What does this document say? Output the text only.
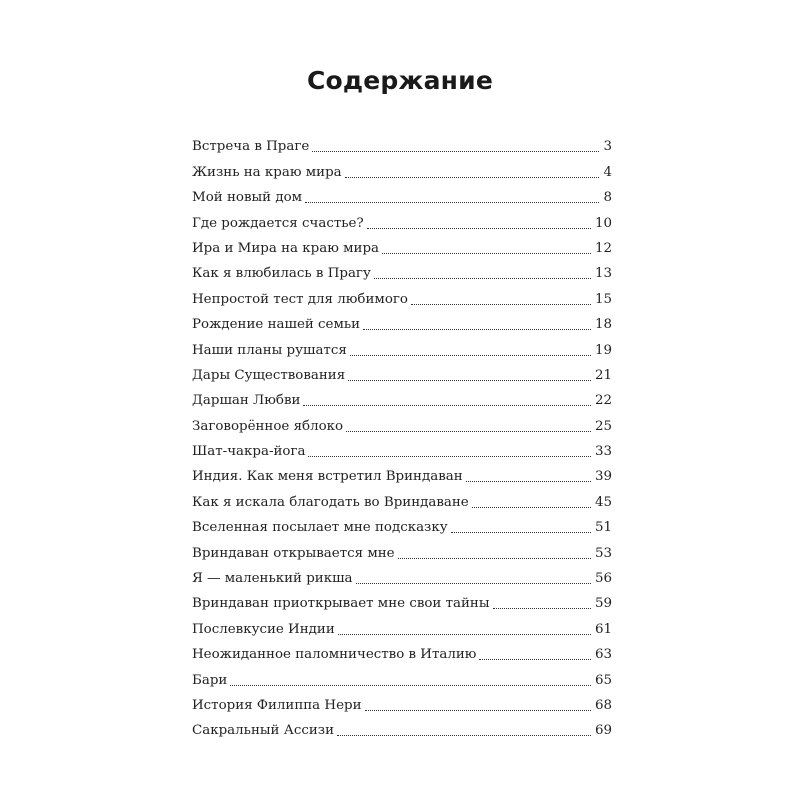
Содержание
Встреча в Праге	3
Жизнь на краю мира	4
Мой новый дом	8
Где рождается счастье?	10
Ира и Мира на краю мира	12
Как я влюбилась в Прагу	13
Непростой тест для любимого	15
Рождение нашей семьи	18
Наши планы рушатся	19
Дары Существования	21
Даршан Любви	22
Заговорённое яблоко	25
Шат-чакра-йога	33
Индия. Как меня встретил Вриндаван	39
Как я искала благодать во Вриндаване	45
Вселенная посылает мне подсказку	51
Вриндаван открывается мне	53
Я — маленький рикша	56
Вриндаван приоткрывает мне свои тайны	59
Послевкусие Индии	61
Неожиданное паломничество в Италию	63
Бари	65
История Филиппа Нери	68
Сакральный Ассизи	69
